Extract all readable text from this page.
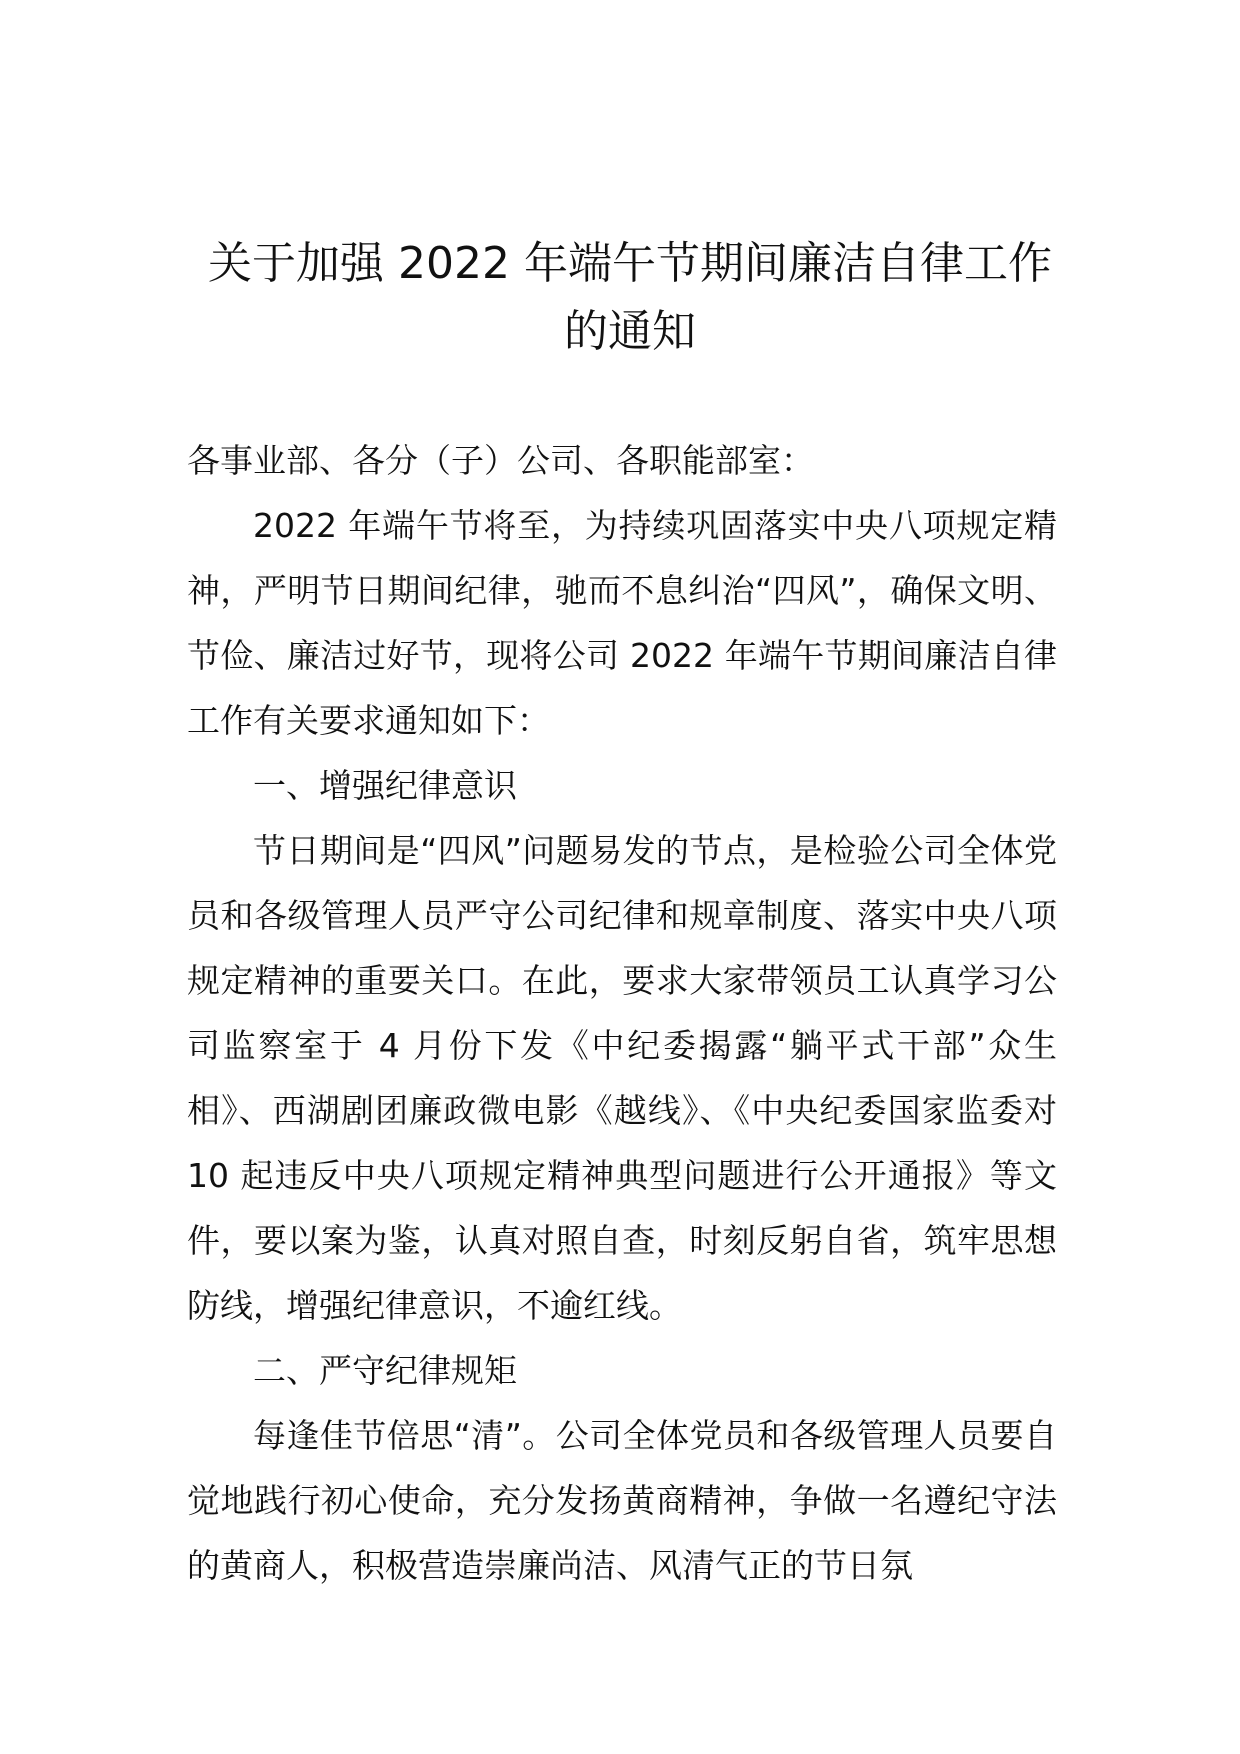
关于加强 2022 年端午节期间廉洁自律工作
的通知

各事业部、各分（子）公司、各职能部室：

2022 年端午节将至，为持续巩固落实中央八项规定精神，严明节日期间纪律，驰而不息纠治“四风”，确保文明、节俭、廉洁过好节，现将公司 2022 年端午节期间廉洁自律工作有关要求通知如下：

一、增强纪律意识

节日期间是“四风”问题易发的节点，是检验公司全体党员和各级管理人员严守公司纪律和规章制度、落实中央八项规定精神的重要关口。在此，要求大家带领员工认真学习公司监察室于 4 月份下发《中纪委揭露“躺平式干部”众生相》、西湖剧团廉政微电影《越线》、《中央纪委国家监委对 10 起违反中央八项规定精神典型问题进行公开通报》等文件，要以案为鉴，认真对照自查，时刻反躬自省，筑牢思想防线，增强纪律意识，不逾红线。

二、严守纪律规矩

每逢佳节倍思“清”。公司全体党员和各级管理人员要自觉地践行初心使命，充分发扬黄商精神，争做一名遵纪守法的黄商人，积极营造崇廉尚洁、风清气正的节日氛
